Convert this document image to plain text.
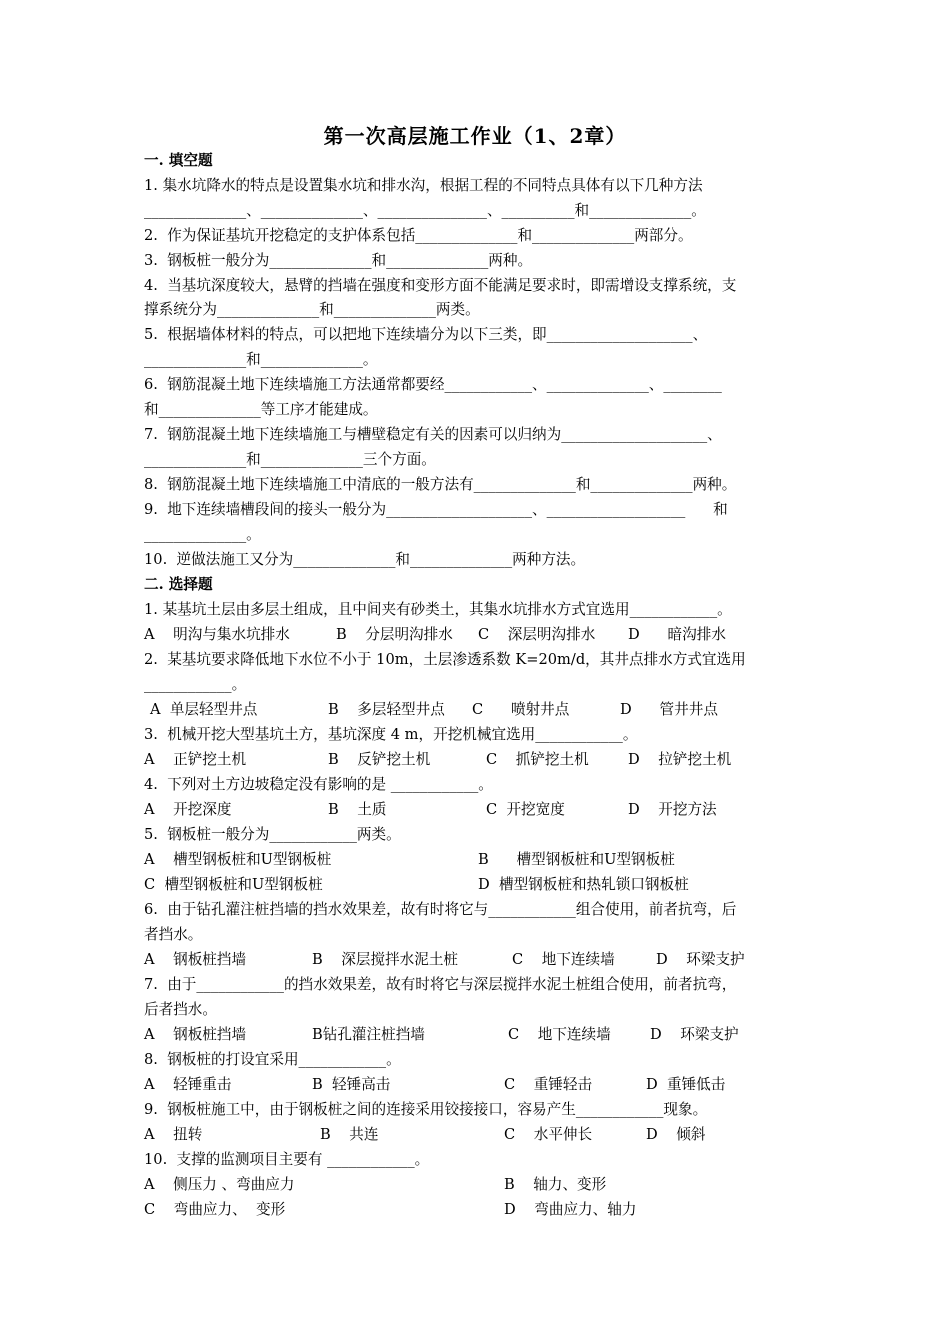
第一次高层施工作业（1、2章）
一. 填空题
1. 集水坑降水的特点是设置集水坑和排水沟，根据工程的不同特点具体有以下几种方法
______________、______________、_______________、__________和______________。
2.  作为保证基坑开挖稳定的支护体系包括______________和______________两部分。
3.  钢板桩一般分为______________和______________两种。
4.  当基坑深度较大，悬臂的挡墙在强度和变形方面不能满足要求时，即需增设支撑系统，支
撑系统分为______________和______________两类。
5.  根据墙体材料的特点，可以把地下连续墙分为以下三类，即____________________、
______________和______________。
6.  钢筋混凝土地下连续墙施工方法通常都要经____________、______________、________
和______________等工序才能建成。
7.  钢筋混凝土地下连续墙施工与槽壁稳定有关的因素可以归纳为____________________、
______________和______________三个方面。
8.  钢筋混凝土地下连续墙施工中清底的一般方法有______________和______________两种。
9.  地下连续墙槽段间的接头一般分为____________________、___________________      和
______________。
10.  逆做法施工又分为______________和______________两种方法。
二. 选择题
1. 某基坑土层由多层土组成，且中间夹有砂类土，其集水坑排水方式宜选用____________。

A    明沟与集水坑排水

	B    分层明沟排水

C    深层明沟排水

D      暗沟排水

2.  某基坑要求降低地下水位不小于 10m，土层渗透系数 K=20m/d，其井点排水方式宜选用
____________。

A  单层轻型井点

	B    多层轻型井点

C      喷射井点

	D      管井井点

3.  机械开挖大型基坑土方，基坑深度 4 m，开挖机械宜选用____________。

A    正铲挖土机

	B    反铲挖土机

	C    抓铲挖土机

	D    拉铲挖土机

4.  下列对土方边坡稳定没有影响的是 ____________。

A    开挖深度

	B    土质

	C  开挖宽度

	D    开挖方法

5.  钢板桩一般分为____________两类。

A    槽型钢板桩和U型钢板桩

	B      槽型钢板桩和U型钢板桩

C  槽型钢板桩和U型钢板桩

	D  槽型钢板桩和热轧锁口钢板桩

6.  由于钻孔灌注桩挡墙的挡水效果差，故有时将它与____________组合使用，前者抗弯，后
者挡水。

A    钢板桩挡墙

	B    深层搅拌水泥土桩

	C    地下连续墙

	D    环梁支护

7.  由于____________的挡水效果差，故有时将它与深层搅拌水泥土桩组合使用，前者抗弯，
后者挡水。

A    钢板桩挡墙

	B钻孔灌注桩挡墙

	C    地下连续墙

	D    环梁支护

8.  钢板桩的打设宜采用____________。

A    轻锤重击

	B  轻锤高击

	C    重锤轻击

	D  重锤低击

9.  钢板桩施工中，由于钢板桩之间的连接采用铰接接口，容易产生____________现象。

A    扭转

	B    共连

	C    水平伸长

	D    倾斜

10.  支撑的监测项目主要有 ____________。

A    侧压力 、弯曲应力

	B    轴力、变形

C    弯曲应力、  变形

	D    弯曲应力、轴力
